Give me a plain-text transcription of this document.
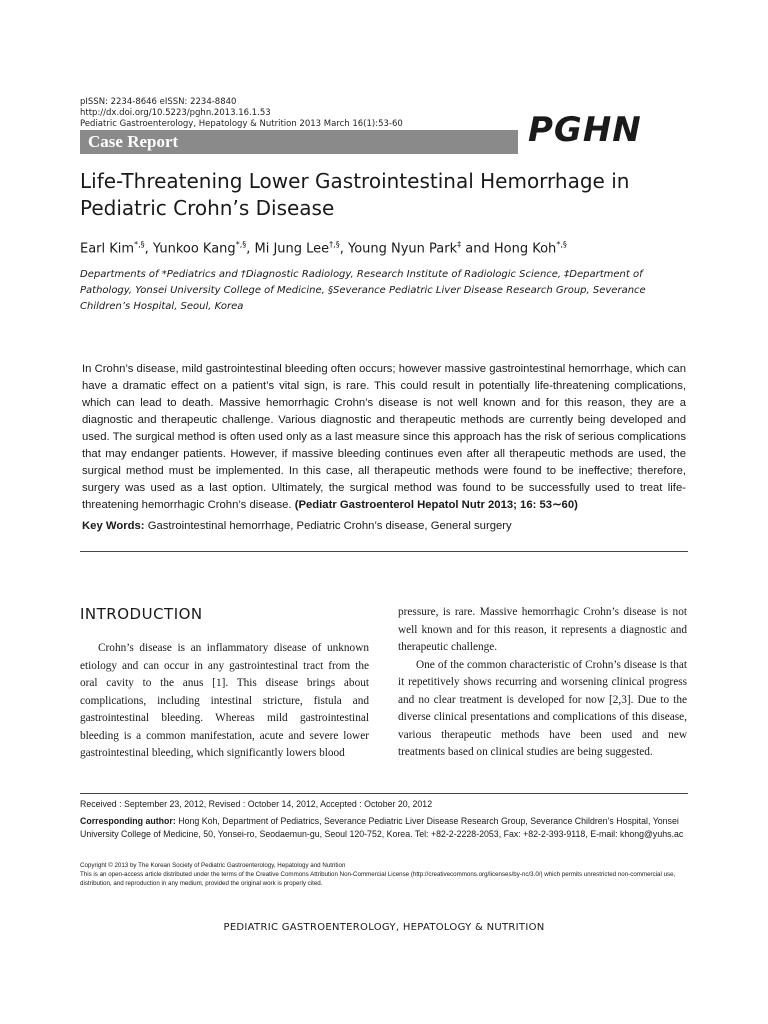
pISSN: 2234-8646 eISSN: 2234-8840
http://dx.doi.org/10.5223/pghn.2013.16.1.53
Pediatric Gastroenterology, Hepatology & Nutrition 2013 March 16(1):53-60
Case Report	PGHN
Life-Threatening Lower Gastrointestinal Hemorrhage in Pediatric Crohn’s Disease
Earl Kim*,§, Yunkoo Kang*,§, Mi Jung Lee†,§, Young Nyun Park‡ and Hong Koh*,§
Departments of *Pediatrics and †Diagnostic Radiology, Research Institute of Radiologic Science, ‡Department of
Pathology, Yonsei University College of Medicine, §Severance Pediatric Liver Disease Research Group, Severance
Children’s Hospital, Seoul, Korea
In Crohn’s disease, mild gastrointestinal bleeding often occurs; however massive gastrointestinal hemorrhage, which can have a dramatic effect on a patient’s vital sign, is rare. This could result in potentially life-threatening complications, which can lead to death. Massive hemorrhagic Crohn’s disease is not well known and for this reason, they are a diagnostic and therapeutic challenge. Various diagnostic and therapeutic methods are currently being developed and used. The surgical method is often used only as a last measure since this approach has the risk of serious complications that may endanger patients. However, if massive bleeding continues even after all therapeutic methods are used, the surgical method must be implemented. In this case, all therapeutic methods were found to be ineffective; therefore, surgery was used as a last option. Ultimately, the surgical method was found to be successfully used to treat life-threatening hemorrhagic Crohn’s disease. (Pediatr Gastroenterol Hepatol Nutr 2013; 16: 53∼60)
Key Words: Gastrointestinal hemorrhage, Pediatric Crohn’s disease, General surgery
INTRODUCTION

Crohn’s disease is an inflammatory disease of unknown etiology and can occur in any gastrointestinal tract from the oral cavity to the anus [1]. This disease brings about complications, including intestinal stricture, fistula and gastrointestinal bleeding. Whereas mild gastrointestinal bleeding is a common manifestation, acute and severe lower gastrointestinal bleeding, which significantly lowers blood

pressure, is rare. Massive hemorrhagic Crohn’s disease is not well known and for this reason, it represents a diagnostic and therapeutic challenge.

One of the common characteristic of Crohn’s disease is that it repetitively shows recurring and worsening clinical progress and no clear treatment is developed for now [2,3]. Due to the diverse clinical presentations and complications of this disease, various therapeutic methods have been used and new treatments based on clinical studies are being suggested.

Received : September 23, 2012, Revised : October 14, 2012, Accepted : October 20, 2012
Corresponding author: Hong Koh, Department of Pediatrics, Severance Pediatric Liver Disease Research Group, Severance Children’s Hospital, Yonsei University College of Medicine, 50, Yonsei-ro, Seodaemun-gu, Seoul 120-752, Korea. Tel: +82-2-2228-2053, Fax: +82-2-393-9118, E-mail: khong@yuhs.ac
Copyright © 2013 by The Korean Society of Pediatric Gastroenterology, Hepatology and Nutrition
This is an open-access article distributed under the terms of the Creative Commons Attribution Non-Commercial License (http://creativecommons.org/licenses/by-nc/3.0/) which permits unrestricted non-commercial use, distribution, and reproduction in any medium, provided the original work is properly cited.
PEDIATRIC GASTROENTEROLOGY, HEPATOLOGY & NUTRITION
